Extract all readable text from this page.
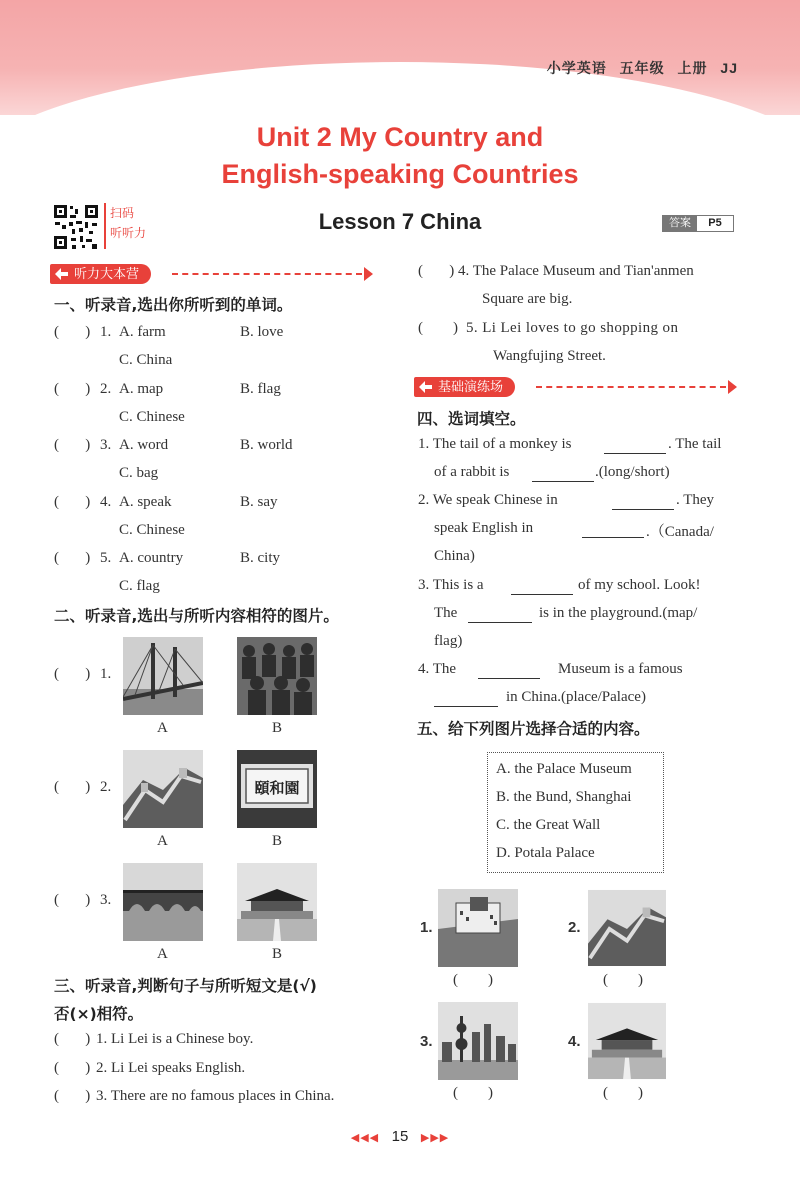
小学英语 五年级 上册 JJ
Unit 2 My Country and
English-speaking Countries
扫码
听听力	Lesson 7 China	答案	P5
听力大本营
一、听录音,选出你所听到的单词。
(       ) 1. A. farm	B. love
C. China
(       ) 2. A. map	B. flag
C. Chinese
(       ) 3. A. word	B. world
C. bag
(       ) 4. A. speak	B. say
C. Chinese
(       ) 5. A. country	B. city
C. flag
二、听录音,选出与所听内容相符的图片。
(       ) 1.
A	B
(       ) 2.	頤和園
A	B
(       ) 3.
A	B
三、听录音,判断句子与所听短文是(√)
否(×)相符。
(       ) 1. Li Lei is a Chinese boy.
(       ) 2. Li Lei speaks English.
(       ) 3. There are no famous places in China.
(       ) 4. The Palace Museum and Tian'anmen
Square are big.
(        ) 5. Li Lei loves to go shopping on
Wangfujing Street.
基础演练场
四、选词填空。
1. The tail of a monkey is	. The tail
of a rabbit is	.(long/short)
2. We speak Chinese in	. They
speak English in	.（Canada/
China)
3. This is a	of my school. Look!
The	is in the playground.(map/
flag)
4. The	Museum is a famous
in China.(place/Palace)
五、给下列图片选择合适的内容。
A. the Palace Museum
B. the Bund, Shanghai
C. the Great Wall
D. Potala Palace
1.
(        )
2.
(        )
3.
(        )
4.
(        )
◀◀◀ 15 ▶▶▶
